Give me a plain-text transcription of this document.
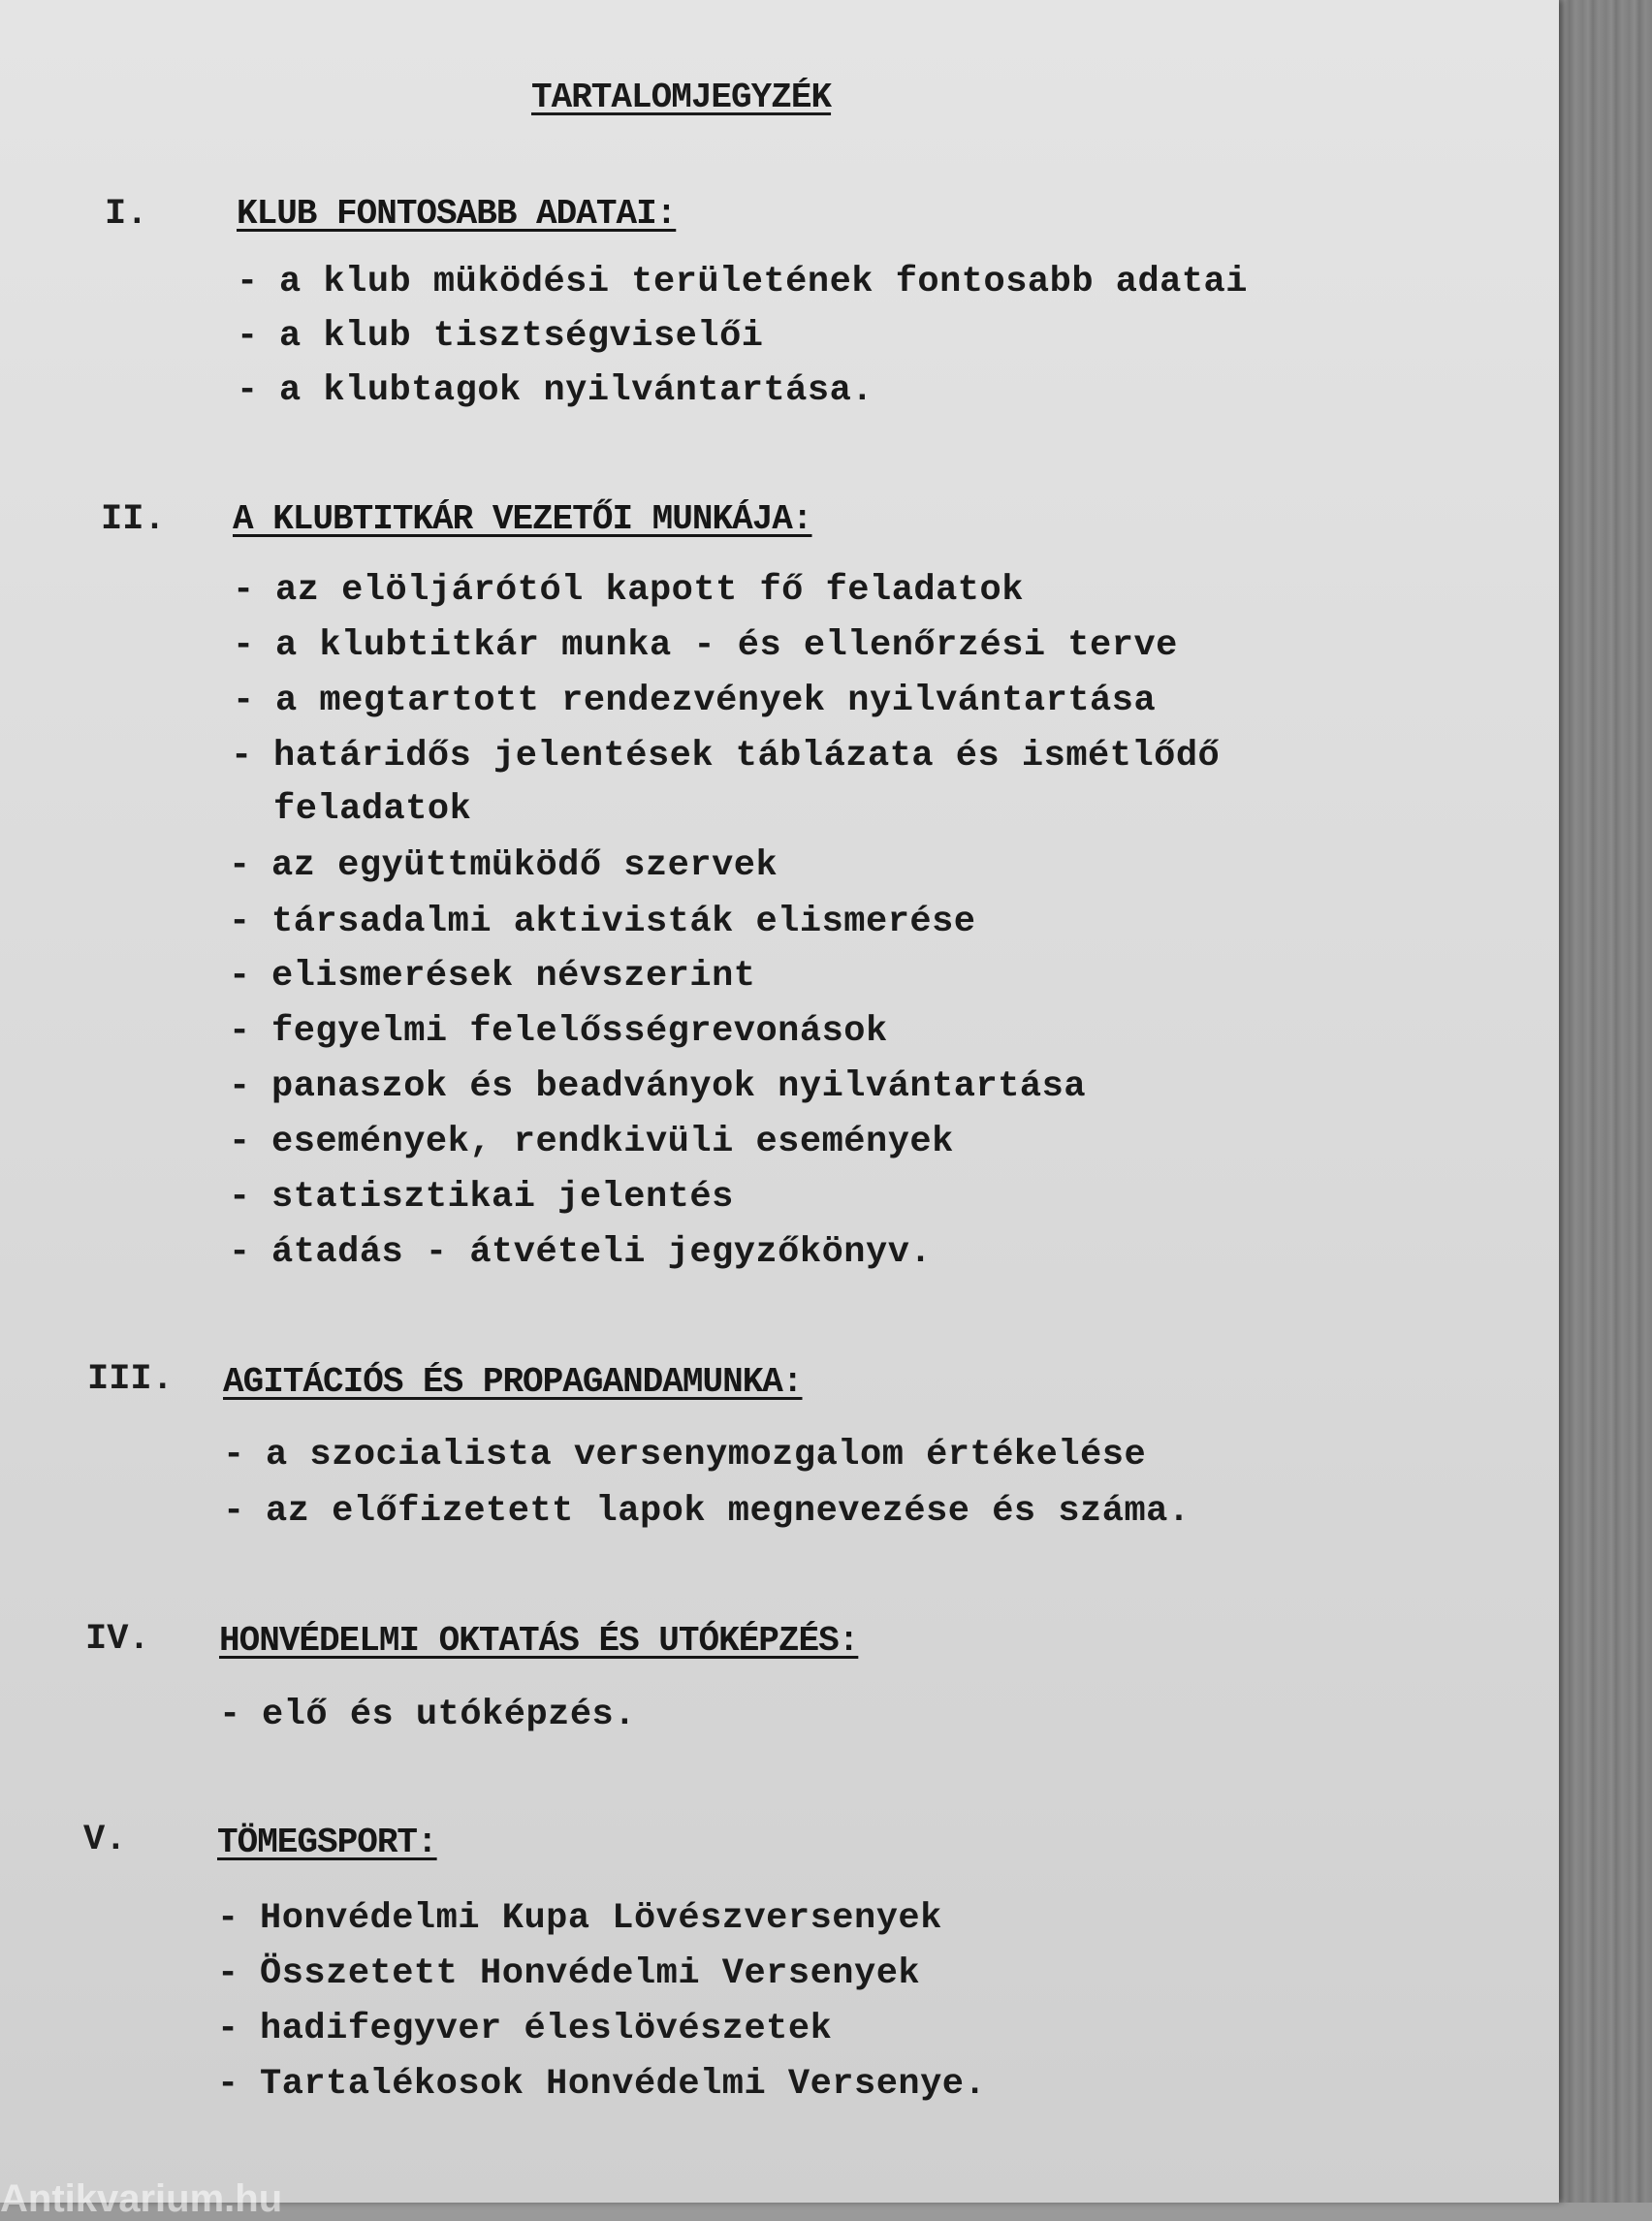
TARTALOMJEGYZÉK
I.	KLUB FONTOSABB ADATAI:
- a klub müködési területének fontosabb adatai
- a klub tisztségviselői
- a klubtagok nyilvántartása.
II. A KLUBTITKÁR VEZETŐI MUNKÁJA:
- az elöljárótól kapott fő feladatok
- a klubtitkár munka - és ellenőrzési terve
- a megtartott rendezvények nyilvántartása
- határidős jelentések táblázata és ismétlődő
feladatok
- az együttmüködő szervek
- társadalmi aktivisták elismerése
- elismerések névszerint
- fegyelmi felelősségrevonások
- panaszok és beadványok nyilvántartása
- események, rendkivüli események
- statisztikai jelentés
- átadás - átvételi jegyzőkönyv.
III. AGITÁCIÓS ÉS PROPAGANDAMUNKA:
- a szocialista versenymozgalom értékelése
- az előfizetett lapok megnevezése és száma.
IV. HONVÉDELMI OKTATÁS ÉS UTÓKÉPZÉS:
- elő és utóképzés.
V.	TÖMEGSPORT:
- Honvédelmi Kupa Lövészversenyek
- Összetett Honvédelmi Versenyek
- hadifegyver éleslövészetek
- Tartalékosok Honvédelmi Versenye.
Antikvarium.hu
